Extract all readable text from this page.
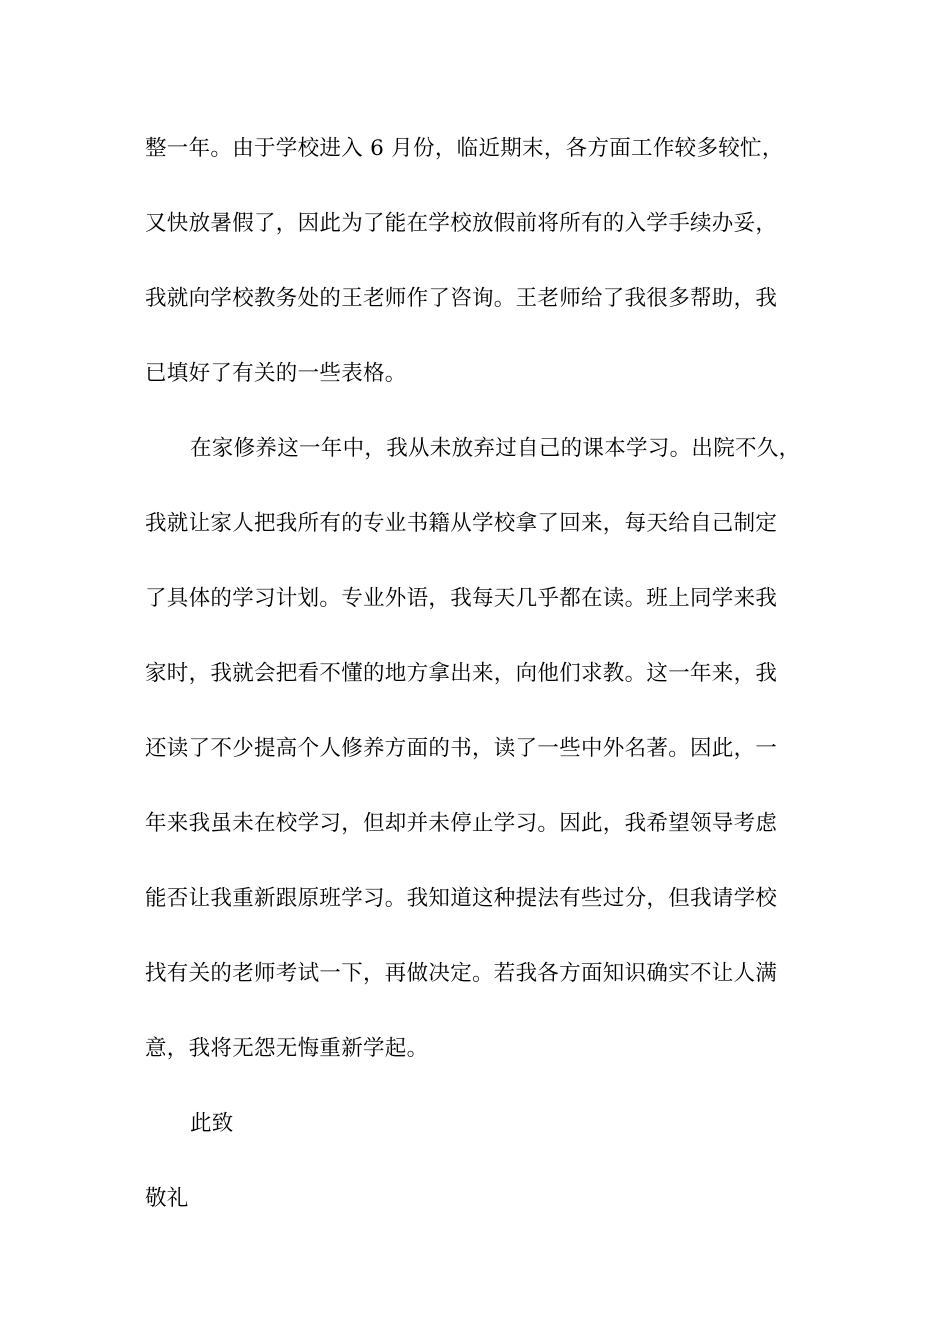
整一年。由于学校进入 6 月份，临近期末，各方面工作较多较忙，
又快放暑假了，因此为了能在学校放假前将所有的入学手续办妥，
我就向学校教务处的王老师作了咨询。王老师给了我很多帮助，我
已填好了有关的一些表格。
在家修养这一年中，我从未放弃过自己的课本学习。出院不久，
我就让家人把我所有的专业书籍从学校拿了回来，每天给自己制定
了具体的学习计划。专业外语，我每天几乎都在读。班上同学来我
家时，我就会把看不懂的地方拿出来，向他们求教。这一年来，我
还读了不少提高个人修养方面的书，读了一些中外名著。因此，一
年来我虽未在校学习，但却并未停止学习。因此，我希望领导考虑
能否让我重新跟原班学习。我知道这种提法有些过分，但我请学校
找有关的老师考试一下，再做决定。若我各方面知识确实不让人满
意，我将无怨无悔重新学起。
此致
敬礼
